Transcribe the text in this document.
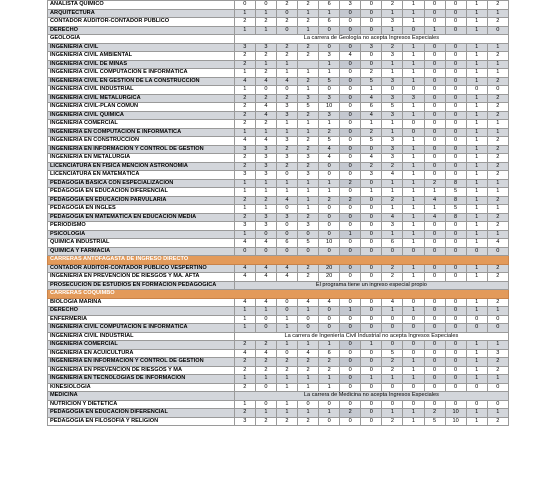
ANALISTA QUÍMICO	0	0	2	2	6	3	0	2	1	0	0	1	2
ARQUITECTURA	1	1	0	1	1	0	0	1	1	0	0	1	1
CONTADOR AUDITOR-CONTADOR PÚBLICO	2	2	2	2	6	0	0	3	1	0	0	1	2
DERECHO	1	1	0	1	0	0	0	1	0	1	0	1	0
GEOLOGÍA	La carrera de Geología no acepta Ingresos Especiales												
INGENIERÍA CIVIL	3	3	2	2	0	0	3	2	1	0	0	1	1
INGENIERÍA CIVIL AMBIENTAL	2	2	2	2	3	4	0	3	1	0	0	1	2
INGENIERÍA CIVIL DE MINAS	2	1	1		1	0	0	1	1	0	0	1	1
INGENIERÍA CIVIL COMPUTACIÓN E INFORMÁTICA	1	2	1	1	1	0	2	1	1	0	0	1	1
INGENIERÍA CIVIL EN GESTIÓN DE LA CONSTRUCCION	4	4	4	2	5	0	5	3	1	0	0	1	2
INGENIERÍA CIVIL INDUSTRIAL	1	0	0	1	0	0	1	0	0	0	0	0	0
INGENIERÍA CIVIL METALÚRGICA	2	2	2	3	3	0	4	3	3	0	0	1	2
INGENIERÍA CIVIL-PLAN COMUN	2	4	3	5	10	0	6	5	1	0	0	1	2
INGENIERÍA CIVIL QUÍMICA	2	4	3	2	3	0	4	3	1	0	0	1	2
INGENIERÍA COMERCIAL	2	2	1	1	1	0	1	1	0	0	0	1	1
INGENIERÍA EN COMPUTACIÓN E INFORMÁTICA	1	1	1	1	2	0	2	1	0	0	0	1	1
INGENIERÍA EN CONSTRUCCIÓN	4	4	3	2	5	0	5	3	1	0	0	1	2
INGENIERÍA EN INFORMACIÓN Y CONTROL DE GESTIÓN	3	3	2	2	4	0	0	3	1	0	0	1	2
INGENIERÍA EN METALURGIA	2	3	3	3	4	0	4	3	1	0	0	1	2
LICENCIATURA EN FÍSICA MENCIÓN ASTRONOMIA	2	3	2	2	0	0	2	2	1	0	0	1	2
LICENCIATURA EN MATEMÁTICA	3	3	0	3	0	0	3	4	1	0	0	1	2
PEDAGOGÍA BÁSICA CON ESPECIALIZACIÓN	1	1	1	1	1	2	0	1	1	2	8	1	1
PEDAGOGÍA EN EDUCACIÓN DIFERENCIAL	1	1	1	1	1	0	1	1	1	1	5	1	1
PEDAGOGÍA EN EDUCACIÓN PARVULARIA	2	2	4	1	2	2	0	2	1	4	8	1	2
PEDAGOGÍA EN INGLÉS	1	1	0	1	0	0	0	1	1	1	5	1	1
PEDAGOGÍA EN MATEMÁTICA EN EDUCACIÓN MEDIA	2	3	3	2	0	0	0	4	1	4	8	1	2
PERIODISMO	3	3	0	3	0	0	0	3	1	0	0	1	2
PSICOLOGÍA	1	0	0	0	0	1	0	1	1	0	0	1	1
QUIMICA INDUSTRIAL	4	4	6	5	10	0	0	6	1	0	0	1	4
QUÍMICA Y FARMACIA	0	0	0	0	0	0	0	0	0	0	0	0	0
CARRERAS ANTOFAGASTA DE INGRESO DIRECTO													
CONTADOR AUDITOR-CONTADOR PÚBLICO VESPERTINO	4	4	4	2	20	0	0	2	1	0	0	1	2
INGENIERÍA EN PREVENCIÓN DE RIESGOS Y MA. AFTA	4	4	4	2	20	0	0	2	1	0	0	1	2
PROSECUCIÓN DE ESTUDIOS EN FORMACIÓN PEDAGÓGICA	El programa tiene un ingreso especial propio												
CARRERAS COQUIMBO													
BIOLOGÍA MARINA	4	4	0	4	4	0	0	4	0	0	0	1	2
DERECHO	1	1	0	1	0	1	0	1	1	0	0	1	1
ENFERMERÍA	1	0	1	0	0	0	0	0	0	0	0	0	0
INGENIERÍA CIVIL COMPUTACIÓN E INFORMÁTICA	1	0	1	0	0	0	0	0	0	0	0	0	0
INGENIERÍA CIVIL INDUSTRIAL	La carrera de Ingeniería Civil Industrial no acepta Ingresos Especiales												
INGENIERÍA COMERCIAL	2	2	1	1	1	0	1	0	0	0	0	1	1
INGENIERÍA EN ACUICULTURA	4	4	0	4	6	0	0	5	0	0	0	1	3
INGENIERÍA EN INFORMACIÓN Y CONTROL DE GESTIÓN	2	2	2	2	2	0	0	2	1	0	0	1	2
INGENIERÍA EN PREVENCIÓN DE RIESGOS Y MA	2	2	2	2	2	0	0	2	1	0	0	1	2
INGENIERÍA EN TECNOLOGÍAS DE INFORMACIÓN	1	1	1	1	1	0	1	1	1	0	0	1	1
KINESIOLOGÍA	2	0	1	1	1	0	0	0	0	0	0	0	0
MEDICINA	La carrera de Medicina no acepta Ingresos Especiales												
NUTRICIÓN Y DIETÉTICA	1	0	1	0	0	0	0	0	0	0	0	0	0
PEDAGOGÍA EN EDUCACIÓN DIFERENCIAL	2	1	1	1	1	2	0	1	1	2	10	1	1
PEDAGOGÍA EN FILOSOFÍA Y RELIGIÓN	3	2	2	2	0	0	0	2	1	5	10	1	2
